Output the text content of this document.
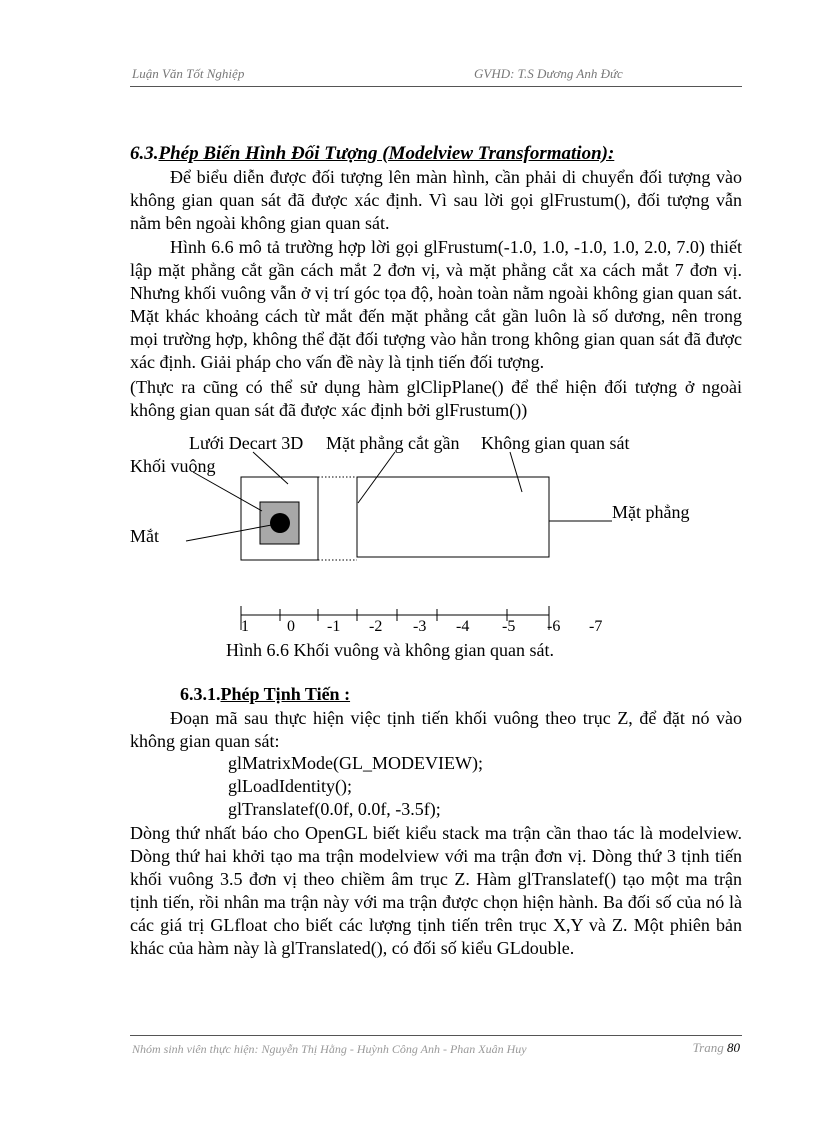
Luận Văn Tốt Nghiệp	GVHD: T.S Dương Anh Đức
6.3.Phép Biến Hình Đối Tượng (Modelview Transformation):

Để biểu diễn được đối tượng lên màn hình, cần phải di chuyển đối tượng vào không gian quan sát đã được xác định. Vì sau lời gọi glFrustum(), đối tượng vẫn nằm bên ngoài không gian quan sát.

Hình 6.6 mô tả trường hợp lời gọi glFrustum(-1.0, 1.0, -1.0, 1.0, 2.0, 7.0) thiết lập mặt phẳng cắt gần cách mắt 2 đơn vị, và mặt phẳng cắt xa cách mắt 7 đơn vị. Nhưng khối vuông vẫn ở vị trí góc tọa độ, hoàn toàn nằm ngoài không gian quan sát. Mặt khác khoảng cách từ mắt đến mặt phẳng cắt gần luôn là số dương, nên trong mọi trường hợp, không thể đặt đối tượng vào hẳn trong không gian quan sát đã được xác định. Giải pháp cho vấn đề này là tịnh tiến đối tượng.

(Thực ra cũng có thể sử dụng hàm glClipPlane() để thể hiện đối tượng ở ngoài không gian quan sát đã được xác định bởi glFrustum())

Lưới Decart 3D Mặt phẳng cắt gần Không gian quan sát
Khối vuông
Mắt
Mặt phẳng
1 0 -1 -2 -3 -4 -5 -6 -7
Hình 6.6 Khối vuông và không gian quan sát.
6.3.1.Phép Tịnh Tiến :

Đoạn mã sau thực hiện việc tịnh tiến khối vuông theo trục Z, để đặt nó vào không gian quan sát:

glMatrixMode(GL_MODEVIEW);
glLoadIdentity();
glTranslatef(0.0f, 0.0f, -3.5f);

Dòng thứ nhất báo cho OpenGL biết kiểu stack ma trận cần thao tác là modelview. Dòng thứ hai khởi tạo ma trận modelview với ma trận đơn vị. Dòng thứ 3 tịnh tiến khối vuông 3.5 đơn vị theo chiềm âm trục Z. Hàm glTranslatef() tạo một ma trận tịnh tiến, rồi nhân ma trận này với ma trận được chọn hiện hành. Ba đối số của nó là các giá trị GLfloat cho biết các lượng tịnh tiến trên trục X,Y và Z. Một phiên bản khác của hàm này là glTranslated(), có đối số kiểu GLdouble.

Nhóm sinh viên thực hiện: Nguyễn Thị Hằng - Huỳnh Công Anh - Phan Xuân Huy	Trang 80
